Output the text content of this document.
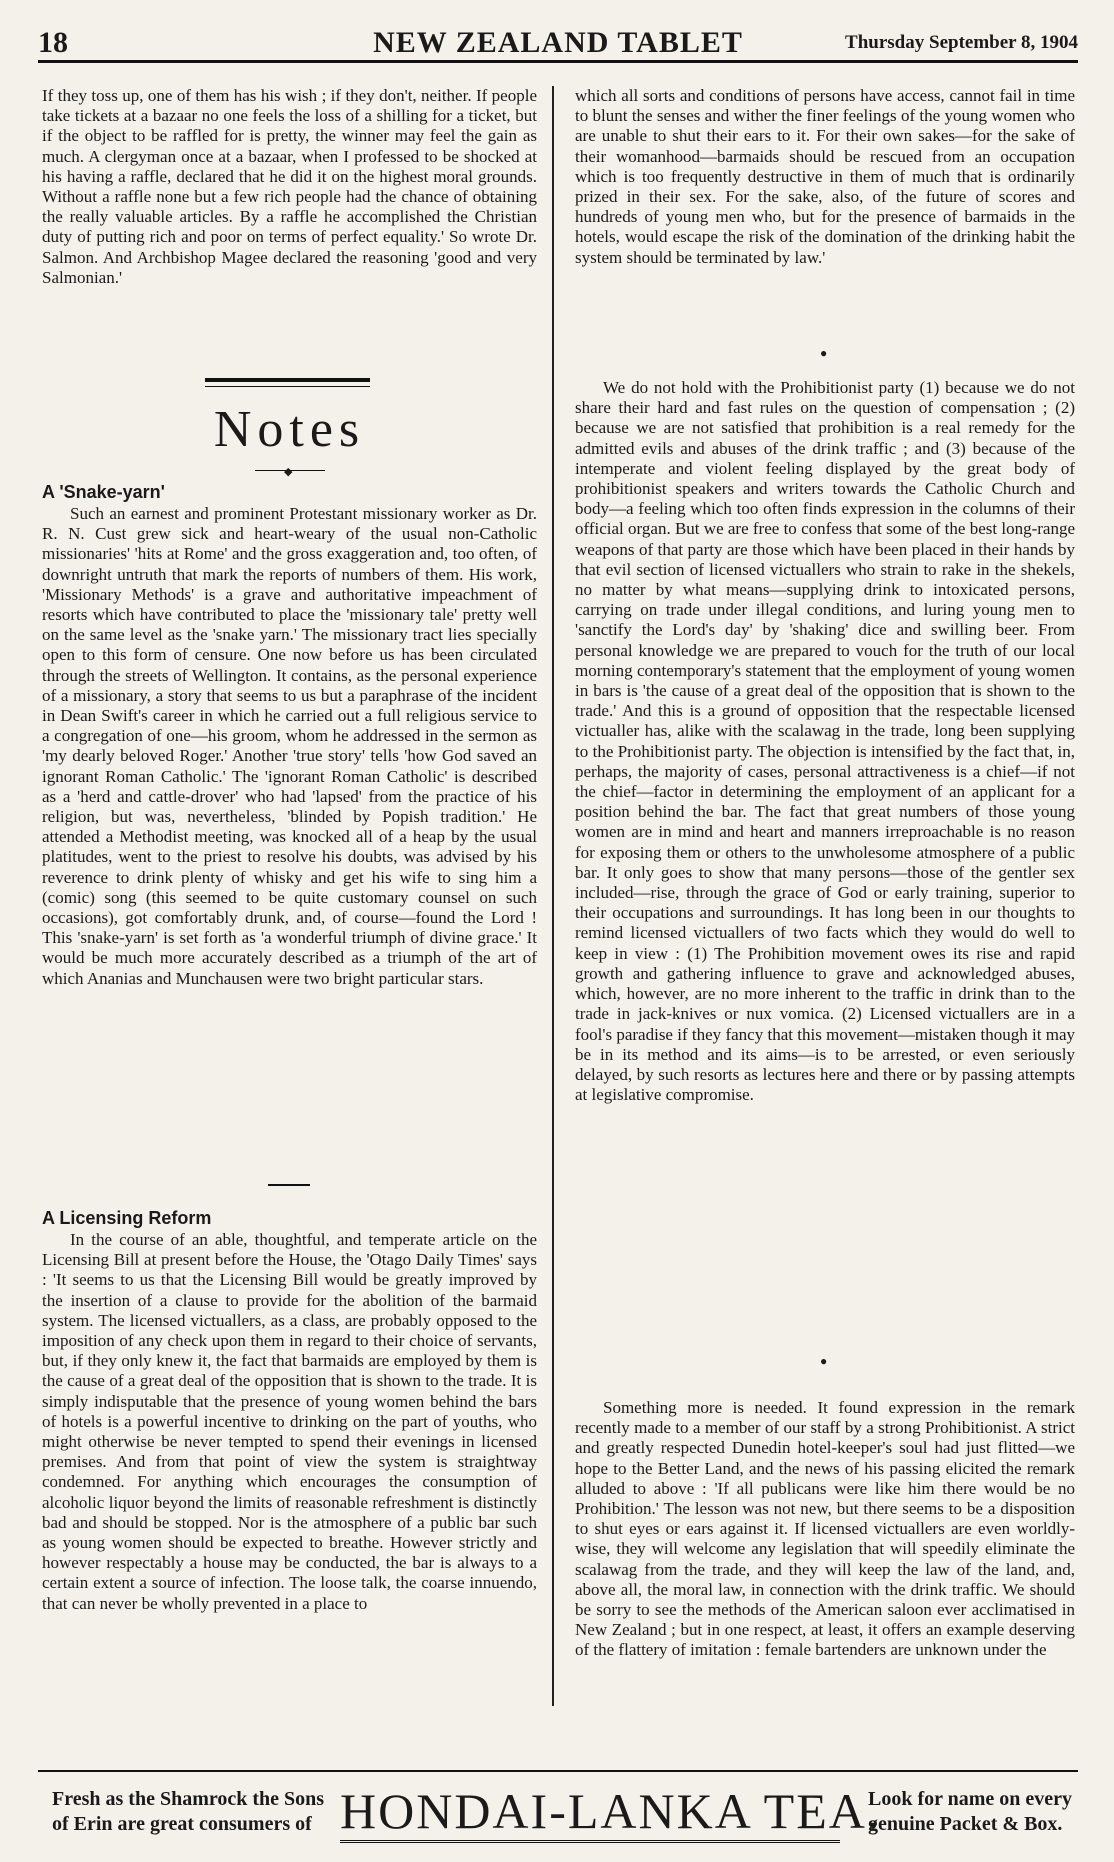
18	NEW ZEALAND TABLET	Thursday September 8, 1904

If they toss up, one of them has his wish ; if they don't, neither. If people take tickets at a bazaar no one feels the loss of a shilling for a ticket, but if the object to be raffled for is pretty, the winner may feel the gain as much. A clergyman once at a bazaar, when I professed to be shocked at his having a raffle, declared that he did it on the highest moral grounds. Without a raffle none but a few rich people had the chance of obtaining the really valuable articles. By a raffle he accomplished the Christian duty of putting rich and poor on terms of perfect equality.' So wrote Dr. Salmon. And Archbishop Magee declared the reasoning 'good and very Salmonian.'

Notes
◆
A 'Snake-yarn'

Such an earnest and prominent Protestant missionary worker as Dr. R. N. Cust grew sick and heart-weary of the usual non-Catholic missionaries' 'hits at Rome' and the gross exaggeration and, too often, of downright untruth that mark the reports of numbers of them. His work, 'Missionary Methods' is a grave and authoritative impeachment of resorts which have contributed to place the 'missionary tale' pretty well on the same level as the 'snake yarn.' The missionary tract lies specially open to this form of censure. One now before us has been circulated through the streets of Wellington. It contains, as the personal experience of a missionary, a story that seems to us but a paraphrase of the incident in Dean Swift's career in which he carried out a full religious service to a congregation of one—his groom, whom he addressed in the sermon as 'my dearly beloved Roger.' Another 'true story' tells 'how God saved an ignorant Roman Catholic.' The 'ignorant Roman Catholic' is described as a 'herd and cattle-drover' who had 'lapsed' from the practice of his religion, but was, nevertheless, 'blinded by Popish tradition.' He attended a Methodist meeting, was knocked all of a heap by the usual platitudes, went to the priest to resolve his doubts, was advised by his reverence to drink plenty of whisky and get his wife to sing him a (comic) song (this seemed to be quite customary counsel on such occasions), got comfortably drunk, and, of course—found the Lord ! This 'snake-yarn' is set forth as 'a wonderful triumph of divine grace.' It would be much more accurately described as a triumph of the art of which Ananias and Munchausen were two bright particular stars.

A Licensing Reform

In the course of an able, thoughtful, and temperate article on the Licensing Bill at present before the House, the 'Otago Daily Times' says : 'It seems to us that the Licensing Bill would be greatly improved by the insertion of a clause to provide for the abolition of the barmaid system. The licensed victuallers, as a class, are probably opposed to the imposition of any check upon them in regard to their choice of servants, but, if they only knew it, the fact that barmaids are employed by them is the cause of a great deal of the opposition that is shown to the trade. It is simply indisputable that the presence of young women behind the bars of hotels is a powerful incentive to drinking on the part of youths, who might otherwise be never tempted to spend their evenings in licensed premises. And from that point of view the system is straightway condemned. For anything which encourages the consumption of alcoholic liquor beyond the limits of reasonable refreshment is distinctly bad and should be stopped. Nor is the atmosphere of a public bar such as young women should be expected to breathe. However strictly and however respectably a house may be conducted, the bar is always to a certain extent a source of infection. The loose talk, the coarse innuendo, that can never be wholly prevented in a place to

which all sorts and conditions of persons have access, cannot fail in time to blunt the senses and wither the finer feelings of the young women who are unable to shut their ears to it. For their own sakes—for the sake of their womanhood—barmaids should be rescued from an occupation which is too frequently destructive in them of much that is ordinarily prized in their sex. For the sake, also, of the future of scores and hundreds of young men who, but for the presence of barmaids in the hotels, would escape the risk of the domination of the drinking habit the system should be terminated by law.'

●

We do not hold with the Prohibitionist party (1) because we do not share their hard and fast rules on the question of compensation ; (2) because we are not satisfied that prohibition is a real remedy for the admitted evils and abuses of the drink traffic ; and (3) because of the intemperate and violent feeling displayed by the great body of prohibitionist speakers and writers towards the Catholic Church and body—a feeling which too often finds expression in the columns of their official organ. But we are free to confess that some of the best long-range weapons of that party are those which have been placed in their hands by that evil section of licensed victuallers who strain to rake in the shekels, no matter by what means—supplying drink to intoxicated persons, carrying on trade under illegal conditions, and luring young men to 'sanctify the Lord's day' by 'shaking' dice and swilling beer. From personal knowledge we are prepared to vouch for the truth of our local morning contemporary's statement that the employment of young women in bars is 'the cause of a great deal of the opposition that is shown to the trade.' And this is a ground of opposition that the respectable licensed victualler has, alike with the scalawag in the trade, long been supplying to the Prohibitionist party. The objection is intensified by the fact that, in, perhaps, the majority of cases, personal attractiveness is a chief—if not the chief—factor in determining the employment of an applicant for a position behind the bar. The fact that great numbers of those young women are in mind and heart and manners irreproachable is no reason for exposing them or others to the unwholesome atmosphere of a public bar. It only goes to show that many persons—those of the gentler sex included—rise, through the grace of God or early training, superior to their occupations and surroundings. It has long been in our thoughts to remind licensed victuallers of two facts which they would do well to keep in view : (1) The Prohibition movement owes its rise and rapid growth and gathering influence to grave and acknowledged abuses, which, however, are no more inherent to the traffic in drink than to the trade in jack-knives or nux vomica. (2) Licensed victuallers are in a fool's paradise if they fancy that this movement—mistaken though it may be in its method and its aims—is to be arrested, or even seriously delayed, by such resorts as lectures here and there or by passing attempts at legislative compromise.

●

Something more is needed. It found expression in the remark recently made to a member of our staff by a strong Prohibitionist. A strict and greatly respected Dunedin hotel-keeper's soul had just flitted—we hope to the Better Land, and the news of his passing elicited the remark alluded to above : 'If all publicans were like him there would be no Prohibition.' The lesson was not new, but there seems to be a disposition to shut eyes or ears against it. If licensed victuallers are even worldly-wise, they will welcome any legislation that will speedily eliminate the scalawag from the trade, and they will keep the law of the land, and, above all, the moral law, in connection with the drink traffic. We should be sorry to see the methods of the American saloon ever acclimatised in New Zealand ; but in one respect, at least, it offers an example deserving of the flattery of imitation : female bartenders are unknown under the

Fresh as the Shamrock the Sons
of Erin are great consumers of HONDAI-LANKA TEA.
Look for name on every
genuine Packet & Box.
